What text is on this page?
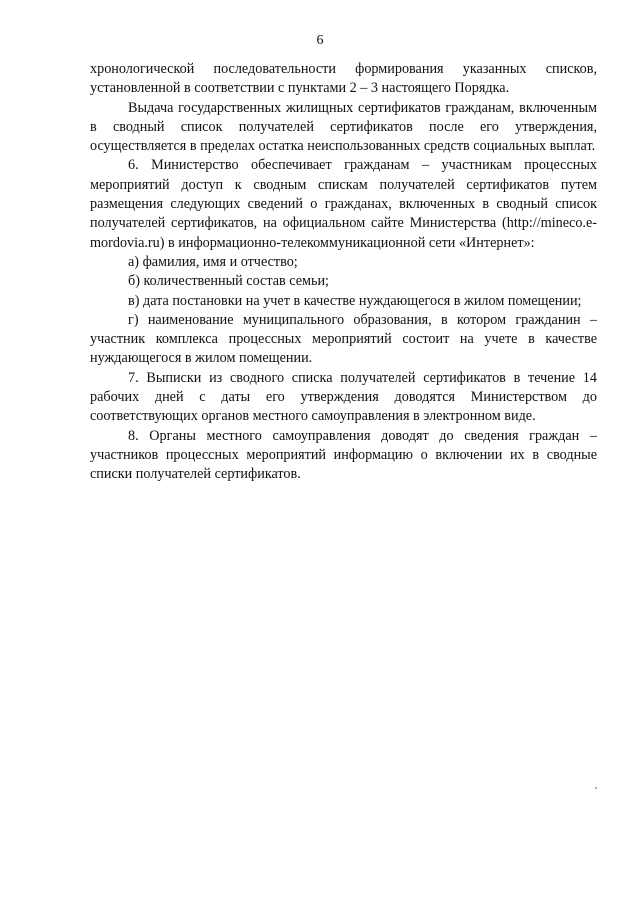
6

хронологической последовательности формирования указанных списков, установленной в соответствии с пунктами 2 – 3 настоящего Порядка.

Выдача государственных жилищных сертификатов гражданам, включенным в сводный список получателей сертификатов после его утверждения, осуществляется в пределах остатка неиспользованных средств социальных выплат.

6. Министерство обеспечивает гражданам – участникам процессных мероприятий доступ к сводным спискам получателей сертификатов путем размещения следующих сведений о гражданах, включенных в сводный список получателей сертификатов, на официальном сайте Министерства (http://mineco.e-mordovia.ru) в информационно-телекоммуникационной сети «Интернет»:

а) фамилия, имя и отчество;

б) количественный состав семьи;

в) дата постановки на учет в качестве нуждающегося в жилом помещении;

г) наименование муниципального образования, в котором гражданин – участник комплекса процессных мероприятий состоит на учете в качестве нуждающегося в жилом помещении.

7. Выписки из сводного списка получателей сертификатов в течение 14 рабочих дней с даты его утверждения доводятся Министерством до соответствующих органов местного самоуправления в электронном виде.

8. Органы местного самоуправления доводят до сведения граждан – участников процессных мероприятий информацию о включении их в сводные списки получателей сертификатов.
